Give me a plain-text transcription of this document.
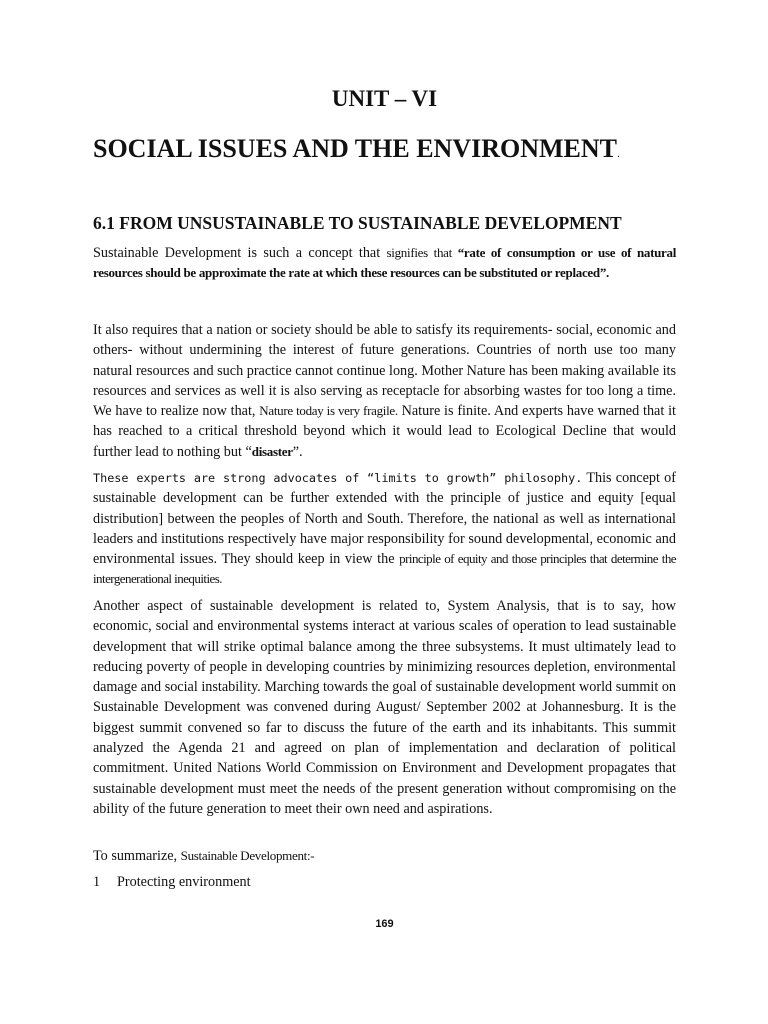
UNIT – VI
SOCIAL ISSUES AND THE ENVIRONMENT.
6.1 FROM UNSUSTAINABLE TO SUSTAINABLE DEVELOPMENT

Sustainable Development is such a concept that signifies that “rate of consumption or use of natural resources should be approximate the rate at which these resources can be substituted or replaced”.

It also requires that a nation or society should be able to satisfy its requirements- social, economic and others- without undermining the interest of future generations. Countries of north use too many natural resources and such practice cannot continue long. Mother Nature has been making available its resources and services as well it is also serving as receptacle for absorbing wastes for too long a time. We have to realize now that, Nature today is very fragile. Nature is finite. And experts have warned that it has reached to a critical threshold beyond which it would lead to Ecological Decline that would further lead to nothing but “disaster”.

These experts are strong advocates of “limits to growth” philosophy. This concept of sustainable development can be further extended with the principle of justice and equity [equal distribution] between the peoples of North and South. Therefore, the national as well as international leaders and institutions respectively have major responsibility for sound developmental, economic and environmental issues. They should keep in view the principle of equity and those principles that determine the intergenerational inequities.

Another aspect of sustainable development is related to, System Analysis, that is to say, how economic, social and environmental systems interact at various scales of operation to lead sustainable development that will strike optimal balance among the three subsystems. It must ultimately lead to reducing poverty of people in developing countries by minimizing resources depletion, environmental damage and social instability. Marching towards the goal of sustainable development world summit on Sustainable Development was convened during August/ September 2002 at Johannesburg. It is the biggest summit convened so far to discuss the future of the earth and its inhabitants. This summit analyzed the Agenda 21 and agreed on plan of implementation and declaration of political commitment. United Nations World Commission on Environment and Development propagates that sustainable development must meet the needs of the present generation without compromising on the ability of the future generation to meet their own need and aspirations.

To summarize, Sustainable Development:-

1 Protecting environment

169
